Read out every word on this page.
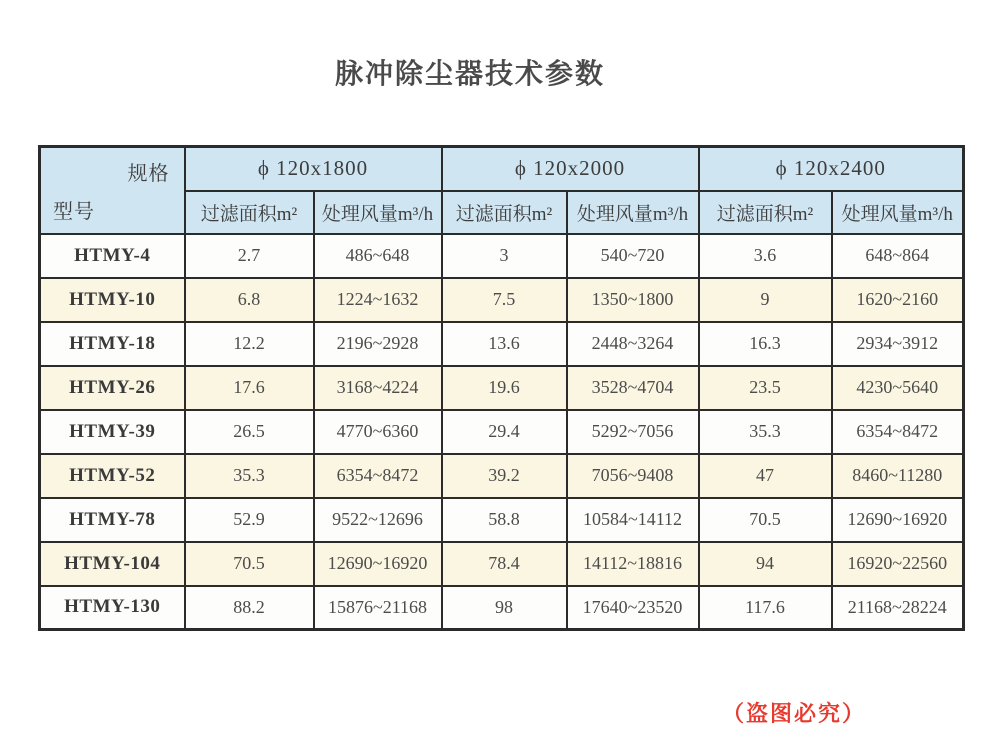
脉冲除尘器技术参数
规格
型号	ϕ 120x1800		ϕ 120x2000		ϕ 120x2400	
	过滤面积m²	处理风量m³/h	过滤面积m²	处理风量m³/h	过滤面积m²	处理风量m³/h
HTMY-4	2.7	486~648	3	540~720	3.6	648~864
HTMY-10	6.8	1224~1632	7.5	1350~1800	9	1620~2160
HTMY-18	12.2	2196~2928	13.6	2448~3264	16.3	2934~3912
HTMY-26	17.6	3168~4224	19.6	3528~4704	23.5	4230~5640
HTMY-39	26.5	4770~6360	29.4	5292~7056	35.3	6354~8472
HTMY-52	35.3	6354~8472	39.2	7056~9408	47	8460~11280
HTMY-78	52.9	9522~12696	58.8	10584~14112	70.5	12690~16920
HTMY-104	70.5	12690~16920	78.4	14112~18816	94	16920~22560
HTMY-130	88.2	15876~21168	98	17640~23520	117.6	21168~28224
（盗图必究）
